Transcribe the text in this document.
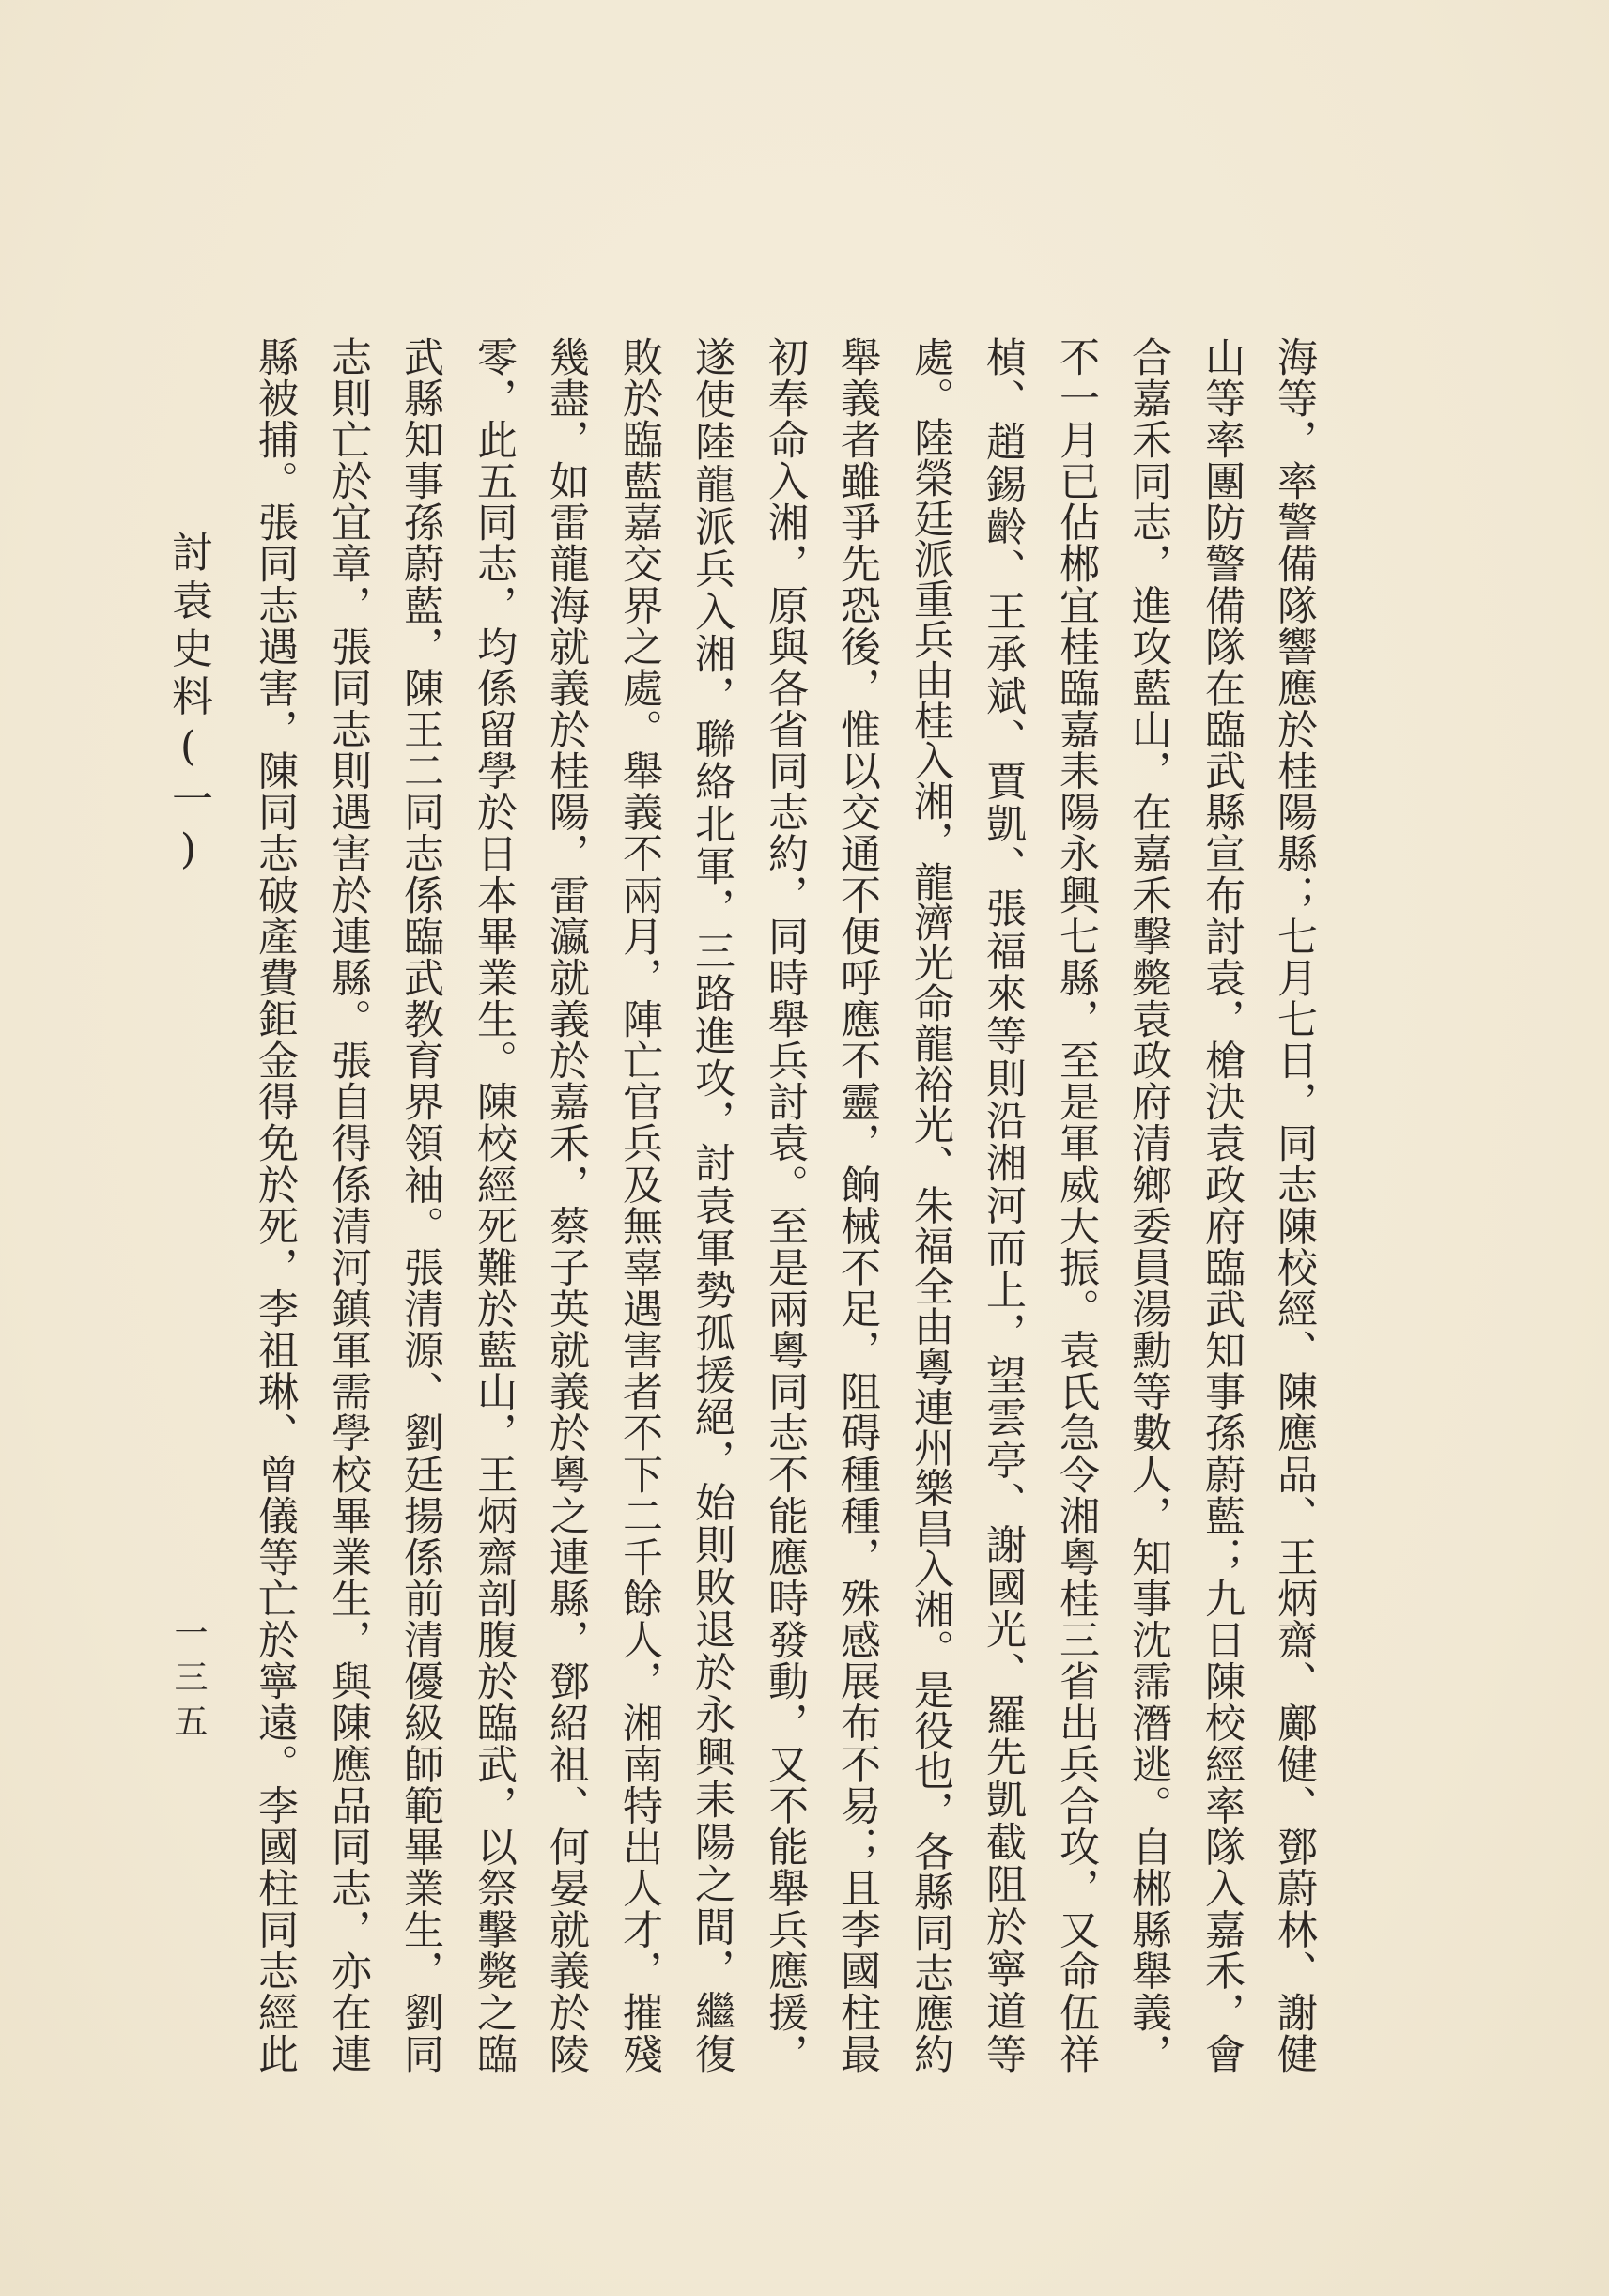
海等，率警備隊響應於桂陽縣；七月七日，同志陳校經、陳應品、王炳齋、鄺健、鄧蔚林、謝健
山等率團防警備隊在臨武縣宣布討袁，槍決袁政府臨武知事孫蔚藍；九日陳校經率隊入嘉禾，會
合嘉禾同志，進攻藍山，在嘉禾擊斃袁政府清鄉委員湯勳等數人，知事沈霈潛逃。自郴縣舉義，
不一月已佔郴宜桂臨嘉耒陽永興七縣，至是軍威大振。袁氏急令湘粵桂三省出兵合攻，又命伍祥
楨、趙錫齡、王承斌、賈凱、張福來等則沿湘河而上，望雲亭、謝國光、羅先凱截阻於寧道等
處。陸榮廷派重兵由桂入湘，龍濟光命龍裕光、朱福全由粵連州樂昌入湘。是役也，各縣同志應約
舉義者雖爭先恐後，惟以交通不便呼應不靈，餉械不足，阻碍種種，殊感展布不易；且李國柱最
初奉命入湘，原與各省同志約，同時舉兵討袁。至是兩粵同志不能應時發動，又不能舉兵應援，
遂使陸龍派兵入湘，聯絡北軍，三路進攻，討袁軍勢孤援絕，始則敗退於永興耒陽之間，繼復
敗於臨藍嘉交界之處。舉義不兩月，陣亡官兵及無辜遇害者不下二千餘人，湘南特出人才，摧殘
幾盡，如雷龍海就義於桂陽，雷瀛就義於嘉禾，蔡子英就義於粵之連縣，鄧紹祖、何晏就義於陵
零，此五同志，均係留學於日本畢業生。陳校經死難於藍山，王炳齋剖腹於臨武，以祭擊斃之臨
武縣知事孫蔚藍，陳王二同志係臨武教育界領袖。張清源、劉廷揚係前清優級師範畢業生，劉同
志則亡於宜章，張同志則遇害於連縣。張自得係清河鎮軍需學校畢業生，與陳應品同志，亦在連
縣被捕。張同志遇害，陳同志破產費鉅金得免於死，李祖琳、曾儀等亡於寧遠。李國柱同志經此
討袁史料(一)
一三五
